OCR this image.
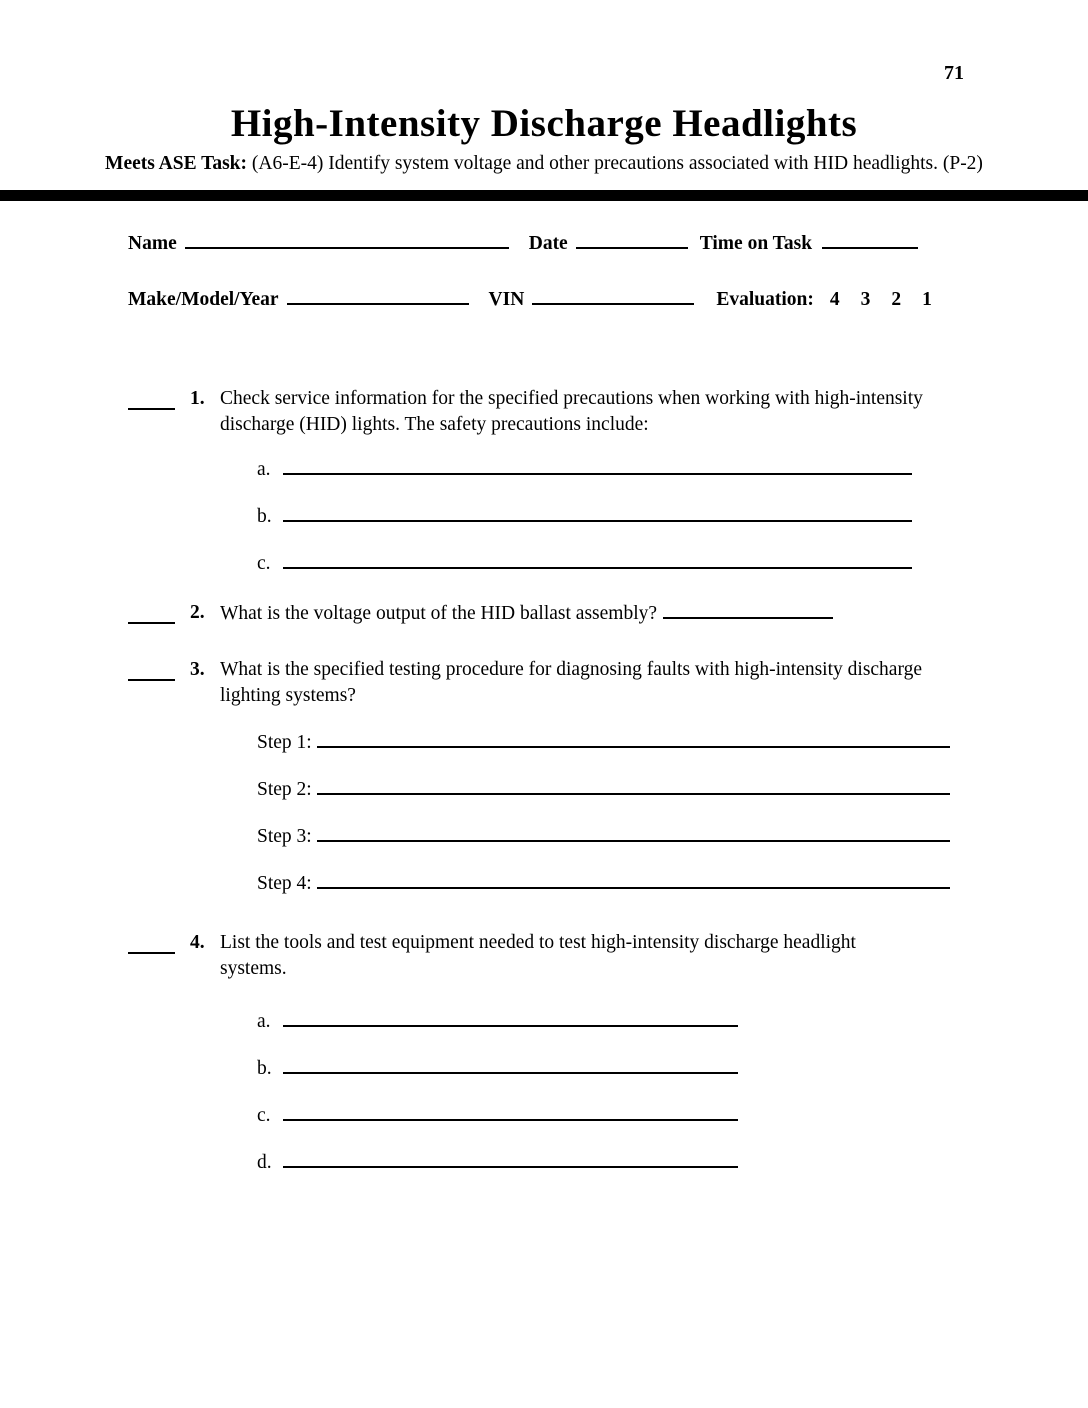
71
High-Intensity Discharge Headlights

Meets ASE Task: (A6-E-4) Identify system voltage and other precautions associated with HID headlights. (P-2)

Name	Date	Time on Task
Make/Model/Year	VIN	Evaluation: 4 3 2 1
1. Check service information for the specified precautions when working with high-intensity discharge (HID) lights. The safety precautions include:
a.
b.
c.
2. What is the voltage output of the HID ballast assembly?
3. What is the specified testing procedure for diagnosing faults with high-intensity discharge lighting systems?
Step 1:
Step 2:
Step 3:
Step 4:
4. List the tools and test equipment needed to test high-intensity discharge headlight systems.
a.
b.
c.
d.
